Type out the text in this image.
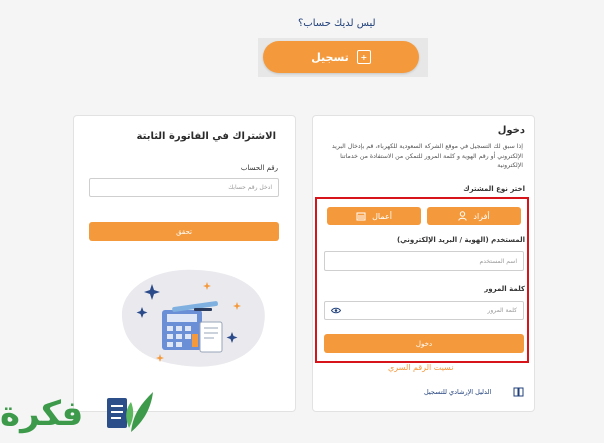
ليس لديك حساب؟
+
تسجيل
الاشتراك في الفاتورة الثابتة
رقم الحساب
ادخل رقم حسابك
تحقق
دخول
إذا سبق لك التسجيل في موقع الشركة السعودية للكهرباء، قم بإدخال البريد الإلكتروني أو رقم الهوية و كلمة المرور للتمكن من الاستفادة من خدماتنا الإلكترونية
اختر نوع المشترك
أفراد
أعمال
المستخدم (الهوية / البريد الإلكتروني)
اسم المستخدم
كلمة المرور
كلمة المرور
دخول
نسيت الرقم السري
الدليل الإرشادي للتسجيل
فكرة
